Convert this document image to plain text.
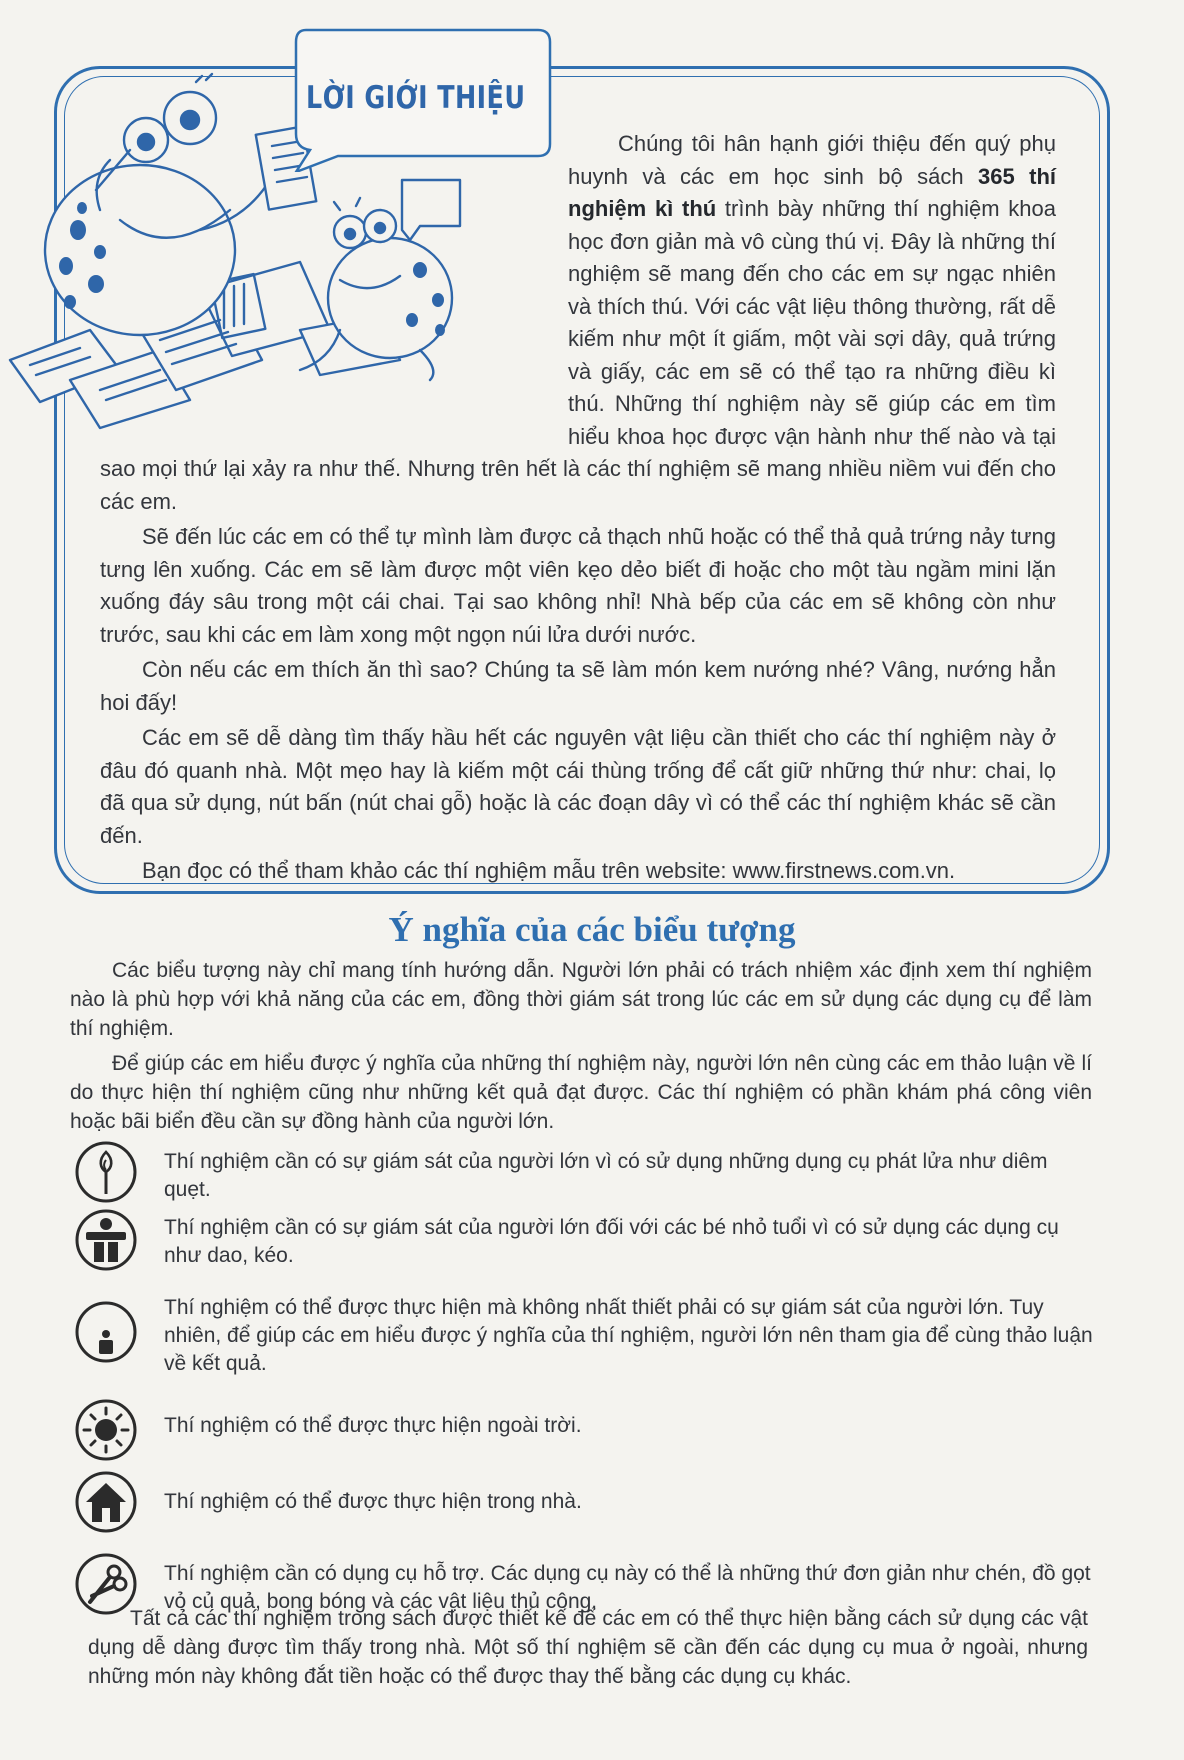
LỜI GIỚI THIỆU

Chúng tôi hân hạnh giới thiệu đến quý phụ huynh và các em học sinh bộ sách 365 thí nghiệm kì thú trình bày những thí nghiệm khoa học đơn giản mà vô cùng thú vị. Đây là những thí nghiệm sẽ mang đến cho các em sự ngạc nhiên và thích thú. Với các vật liệu thông thường, rất dễ kiếm như một ít giấm, một vài sợi dây, quả trứng và giấy, các em sẽ có thể tạo ra những điều kì thú. Những thí nghiệm này sẽ giúp các em tìm hiểu khoa học được vận hành như thế nào và tại sao mọi thứ lại xảy ra như thế. Nhưng trên hết là các thí nghiệm sẽ mang nhiều niềm vui đến cho các em.

Sẽ đến lúc các em có thể tự mình làm được cả thạch nhũ hoặc có thể thả quả trứng nảy tưng tưng lên xuống. Các em sẽ làm được một viên kẹo dẻo biết đi hoặc cho một tàu ngầm mini lặn xuống đáy sâu trong một cái chai. Tại sao không nhỉ! Nhà bếp của các em sẽ không còn như trước, sau khi các em làm xong một ngọn núi lửa dưới nước.

Còn nếu các em thích ăn thì sao? Chúng ta sẽ làm món kem nướng nhé? Vâng, nướng hẳn hoi đấy!

Các em sẽ dễ dàng tìm thấy hầu hết các nguyên vật liệu cần thiết cho các thí nghiệm này ở đâu đó quanh nhà. Một mẹo hay là kiếm một cái thùng trống để cất giữ những thứ như: chai, lọ đã qua sử dụng, nút bấn (nút chai gỗ) hoặc là các đoạn dây vì có thể các thí nghiệm khác sẽ cần đến.

Bạn đọc có thể tham khảo các thí nghiệm mẫu trên website: www.firstnews.com.vn.

Ý nghĩa của các biểu tượng

Các biểu tượng này chỉ mang tính hướng dẫn. Người lớn phải có trách nhiệm xác định xem thí nghiệm nào là phù hợp với khả năng của các em, đồng thời giám sát trong lúc các em sử dụng các dụng cụ để làm thí nghiệm.

Để giúp các em hiểu được ý nghĩa của những thí nghiệm này, người lớn nên cùng các em thảo luận về lí do thực hiện thí nghiệm cũng như những kết quả đạt được. Các thí nghiệm có phần khám phá công viên hoặc bãi biển đều cần sự đồng hành của người lớn.

Thí nghiệm cần có sự giám sát của người lớn vì có sử dụng những dụng cụ phát lửa như diêm quẹt.
Thí nghiệm cần có sự giám sát của người lớn đối với các bé nhỏ tuổi vì có sử dụng các dụng cụ như dao, kéo.
Thí nghiệm có thể được thực hiện mà không nhất thiết phải có sự giám sát của người lớn. Tuy nhiên, để giúp các em hiểu được ý nghĩa của thí nghiệm, người lớn nên tham gia để cùng thảo luận về kết quả.
Thí nghiệm có thể được thực hiện ngoài trời.
Thí nghiệm có thể được thực hiện trong nhà.
Thí nghiệm cần có dụng cụ hỗ trợ. Các dụng cụ này có thể là những thứ đơn giản như chén, đồ gọt vỏ củ quả, bong bóng và các vật liệu thủ công.

Tất cả các thí nghiệm trong sách được thiết kế để các em có thể thực hiện bằng cách sử dụng các vật dụng dễ dàng được tìm thấy trong nhà. Một số thí nghiệm sẽ cần đến các dụng cụ mua ở ngoài, nhưng những món này không đắt tiền hoặc có thể được thay thế bằng các dụng cụ khác.
